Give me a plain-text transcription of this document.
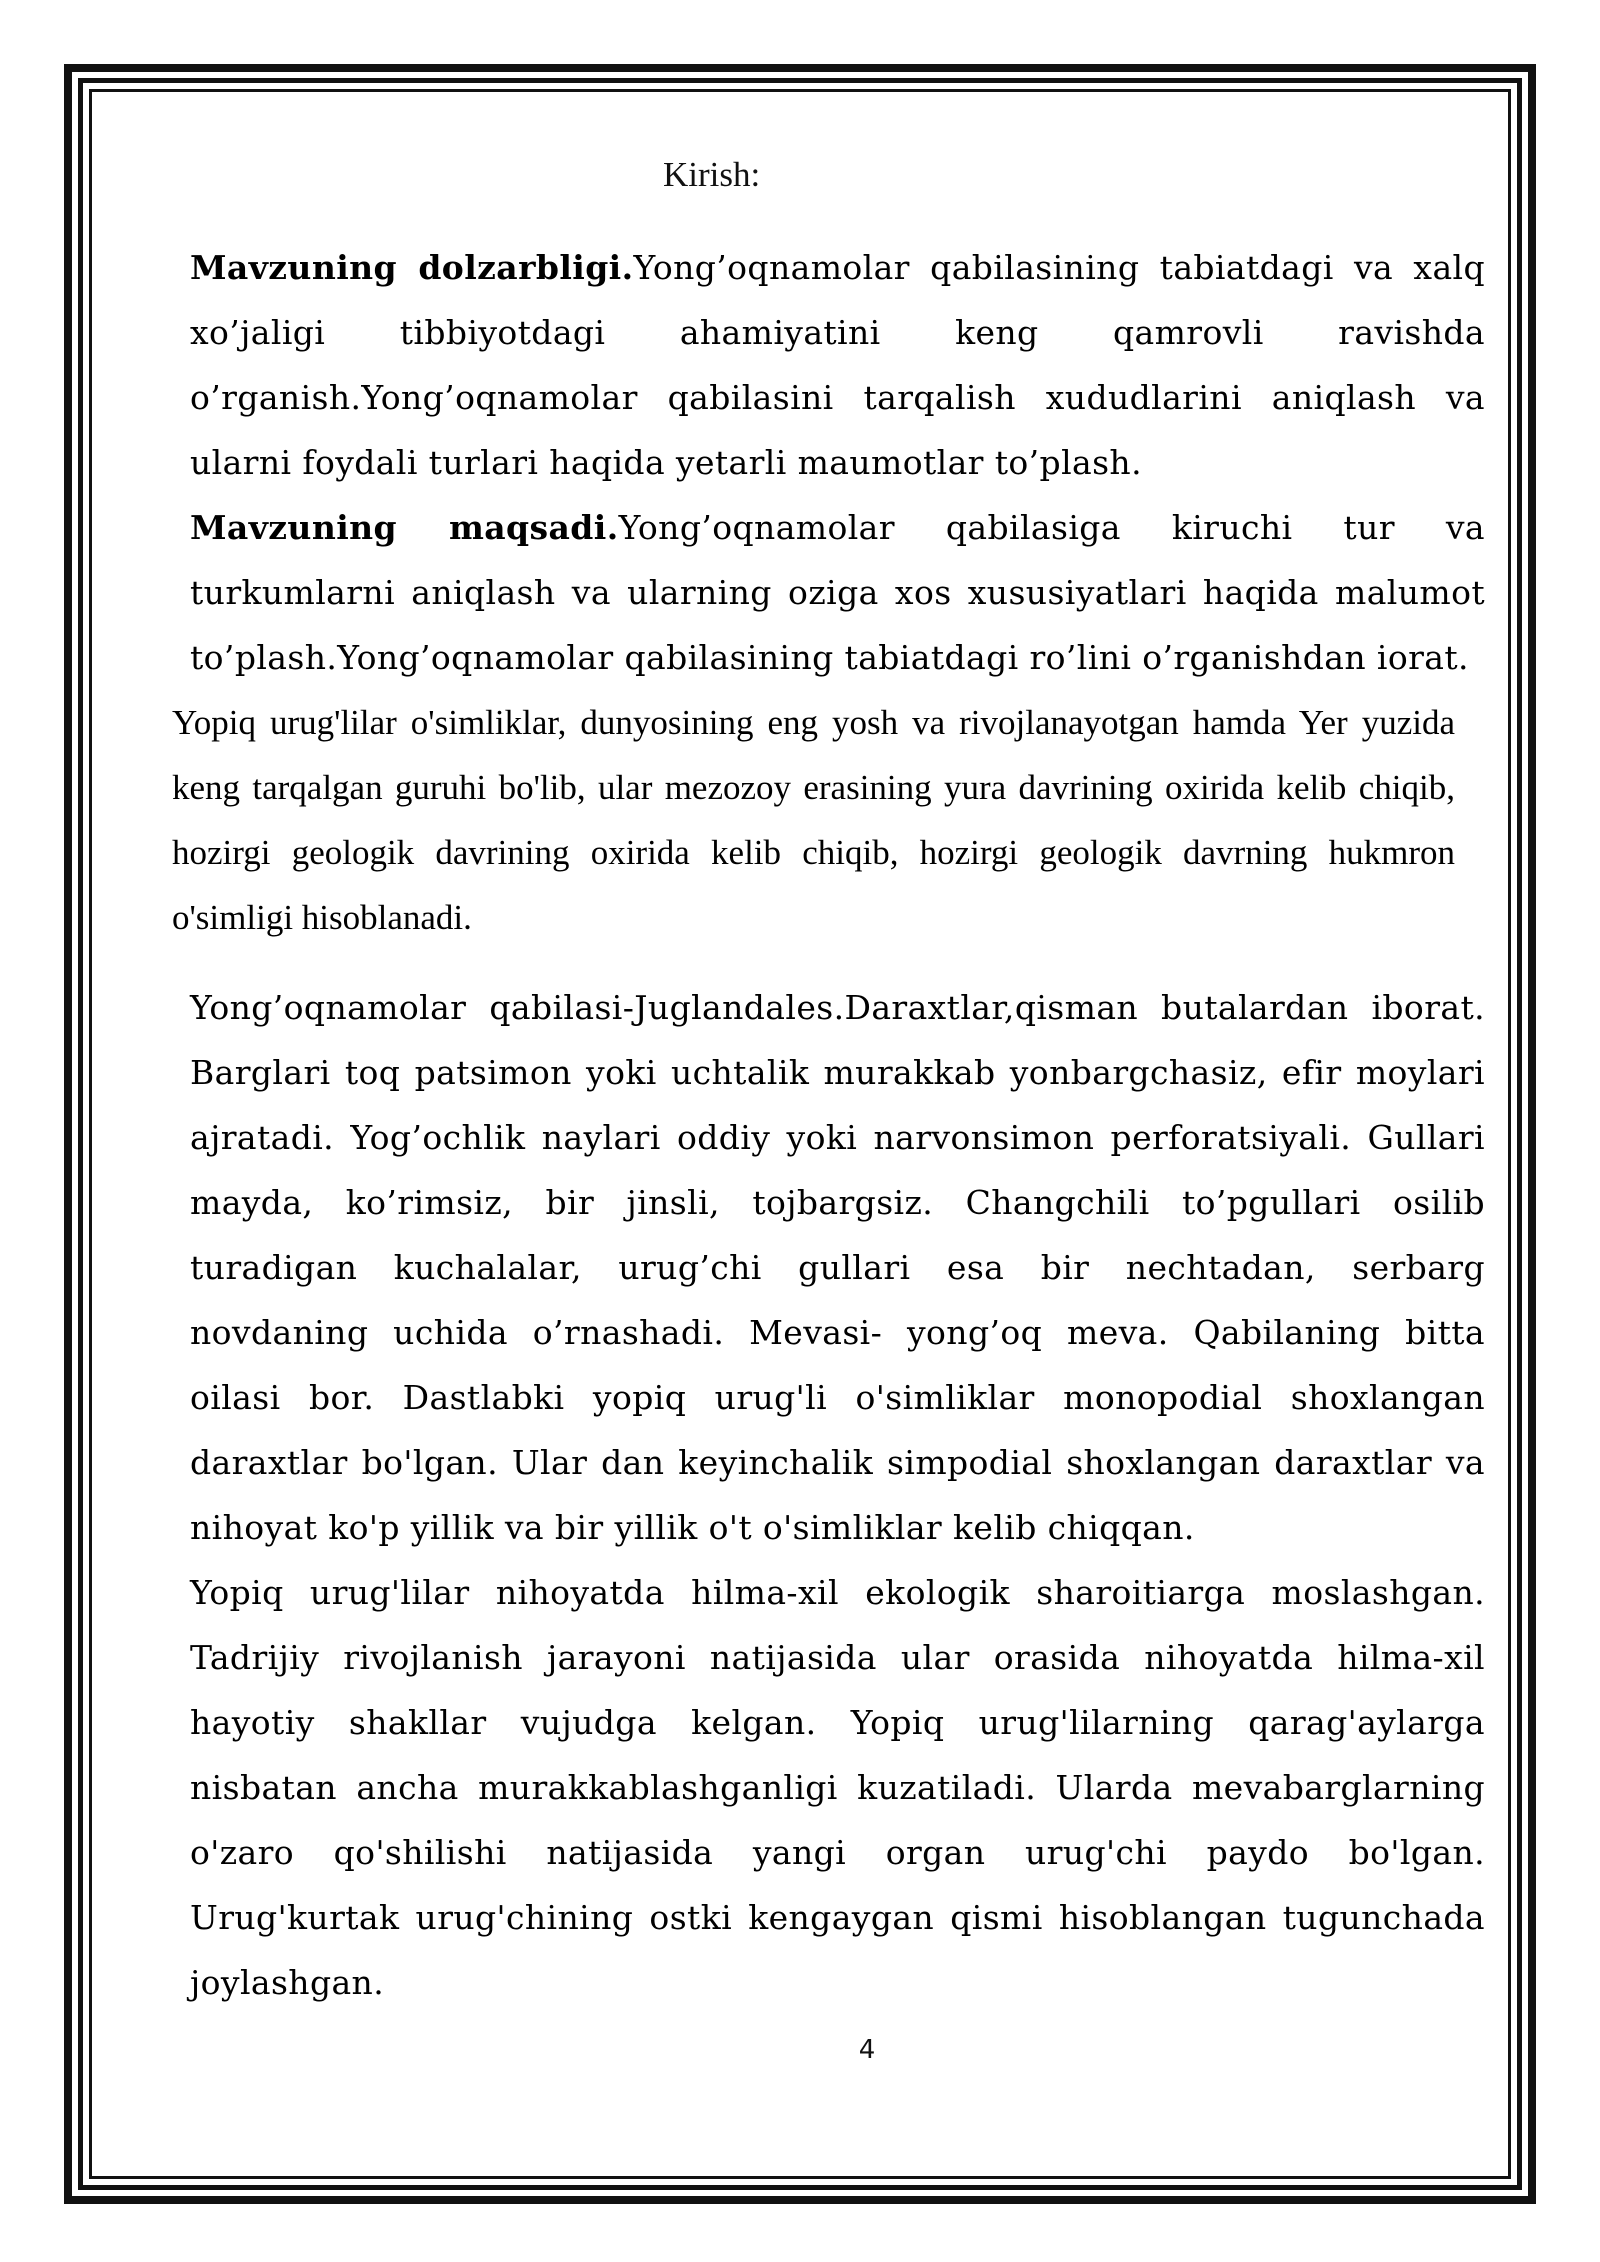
Kirish:

Mavzuning dolzarbligi.Yong’oqnamolar qabilasining tabiatdagi va xalq xo’jaligi tibbiyotdagi ahamiyatini keng qamrovli ravishda o’rganish.Yong’oqnamolar qabilasini tarqalish xududlarini aniqlash va ularni foydali turlari haqida yetarli maumotlar to’plash.

Mavzuning maqsadi.Yong’oqnamolar qabilasiga kiruchi tur va turkumlarni aniqlash va ularning oziga xos xususiyatlari haqida malumot to’plash.Yong’oqnamolar qabilasining tabiatdagi ro’lini o’rganishdan iorat.

Yopiq urug'lilar o'simliklar, dunyosining eng yosh va rivojlanayotgan hamda Yer yuzida keng tarqalgan guruhi bo'lib, ular mezozoy erasining yura davrining oxirida kelib chiqib, hozirgi geologik davrining oxirida kelib chiqib, hozirgi geologik davrning hukmron o'simligi hisoblanadi.

Yong’oqnamolar qabilasi-Juglandales.Daraxtlar,qisman butalardan iborat. Barglari toq patsimon yoki uchtalik murakkab yonbargchasiz, efir moylari ajratadi. Yog’ochlik naylari oddiy yoki narvonsimon perforatsiyali. Gullari mayda, ko’rimsiz, bir jinsli, tojbargsiz. Changchili to’pgullari osilib turadigan kuchalalar, urug’chi gullari esa bir nechtadan, serbarg novdaning uchida o’rnashadi. Mevasi- yong’oq meva. Qabilaning bitta oilasi bor. Dastlabki yopiq urug'li o'simliklar monopodial shoxlangan daraxtlar bo'lgan. Ular dan keyinchalik simpodial shoxlangan daraxtlar va nihoyat ko'p yillik va bir yillik o't o'simliklar kelib chiqqan.

Yopiq urug'lilar nihoyatda hilma-xil ekologik sharoitiarga moslashgan. Tadrijiy rivojlanish jarayoni natijasida ular orasida nihoyatda hilma-xil hayotiy shakllar vujudga kelgan. Yopiq urug'lilarning qarag'aylarga nisbatan ancha murakkablashganligi kuzatiladi. Ularda mevabarglarning o'zaro qo'shilishi natijasida yangi organ urug'chi paydo bo'lgan. Urug'kurtak urug'chining ostki kengaygan qismi hisoblangan tugunchada joylashgan.

4
